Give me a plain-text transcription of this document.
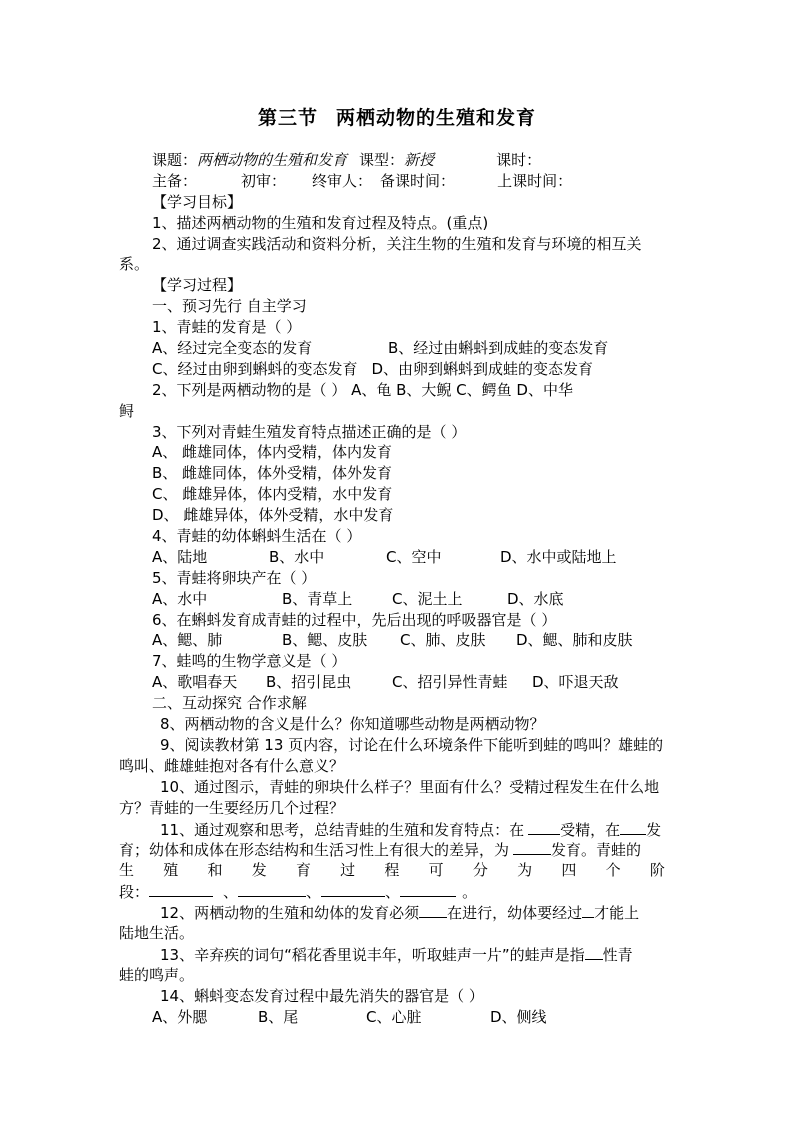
第三节 两栖动物的生殖和发育
课题：两栖动物的生殖和发育 课型：新授	课时：
主备：	初审： 终审人： 备课时间：	上课时间：
【学习目标】
1、描述两栖动物的生殖和发育过程及特点。(重点)
2、通过调查实践活动和资料分析，关注生物的生殖和发育与环境的相互关
系。
【学习过程】
一、预习先行 自主学习
1、青蛙的发育是（ ）
A、经过完全变态的发育	B、经过由蝌蚪到成蛙的变态发育
C、经过由卵到蝌蚪的变态发育 D、由卵到蝌蚪到成蛙的变态发育
2、下列是两栖动物的是（ ） A、龟 B、大鲵 C、鳄鱼 D、中华
鲟
3、下列对青蛙生殖发育特点描述正确的是（ ）
A、 雌雄同体，体内受精，体内发育
B、 雌雄同体，体外受精，体外发育
C、 雌雄异体，体内受精，水中发育
D、 雌雄异体，体外受精，水中发育
4、青蛙的幼体蝌蚪生活在（ ）
A、陆地	B、水中	C、空中	D、水中或陆地上
5、青蛙将卵块产在（ ）
A、水中	B、青草上	C、泥土上	D、水底
6、在蝌蚪发育成青蛙的过程中，先后出现的呼吸器官是（ ）
A、鳃、肺	B、鳃、皮肤 C、肺、皮肤 D、鳃、肺和皮肤
7、蛙鸣的生物学意义是（ ）
A、歌唱春天 B、招引昆虫	C、招引异性青蛙 D、吓退天敌
二、互动探究 合作求解
8、两栖动物的含义是什么？你知道哪些动物是两栖动物？
9、阅读教材第 13 页内容，讨论在什么环境条件下能听到蛙的鸣叫？雄蛙的
鸣叫、雌雄蛙抱对各有什么意义？
10、通过图示，青蛙的卵块什么样子？里面有什么？受精过程发生在什么地
方？青蛙的一生要经历几个过程？
11、通过观察和思考，总结青蛙的生殖和发育特点：在 受精，在 发
育；幼体和成体在形态结构和生活习性上有很大的差异，为	发育。青蛙的
生 殖 和 发 育 过 程 可 分 为 四 个 阶
段：	、	、	、	。
12、两栖动物的生殖和幼体的发育必须 在进行，幼体要经过 才能上
陆地生活。
13、辛弃疾的词句“稻花香里说丰年，听取蛙声一片”的蛙声是指 性青
蛙的鸣声。
14、蝌蚪变态发育过程中最先消失的器官是（ ）
A、外腮	B、尾	C、心脏	D、侧线
